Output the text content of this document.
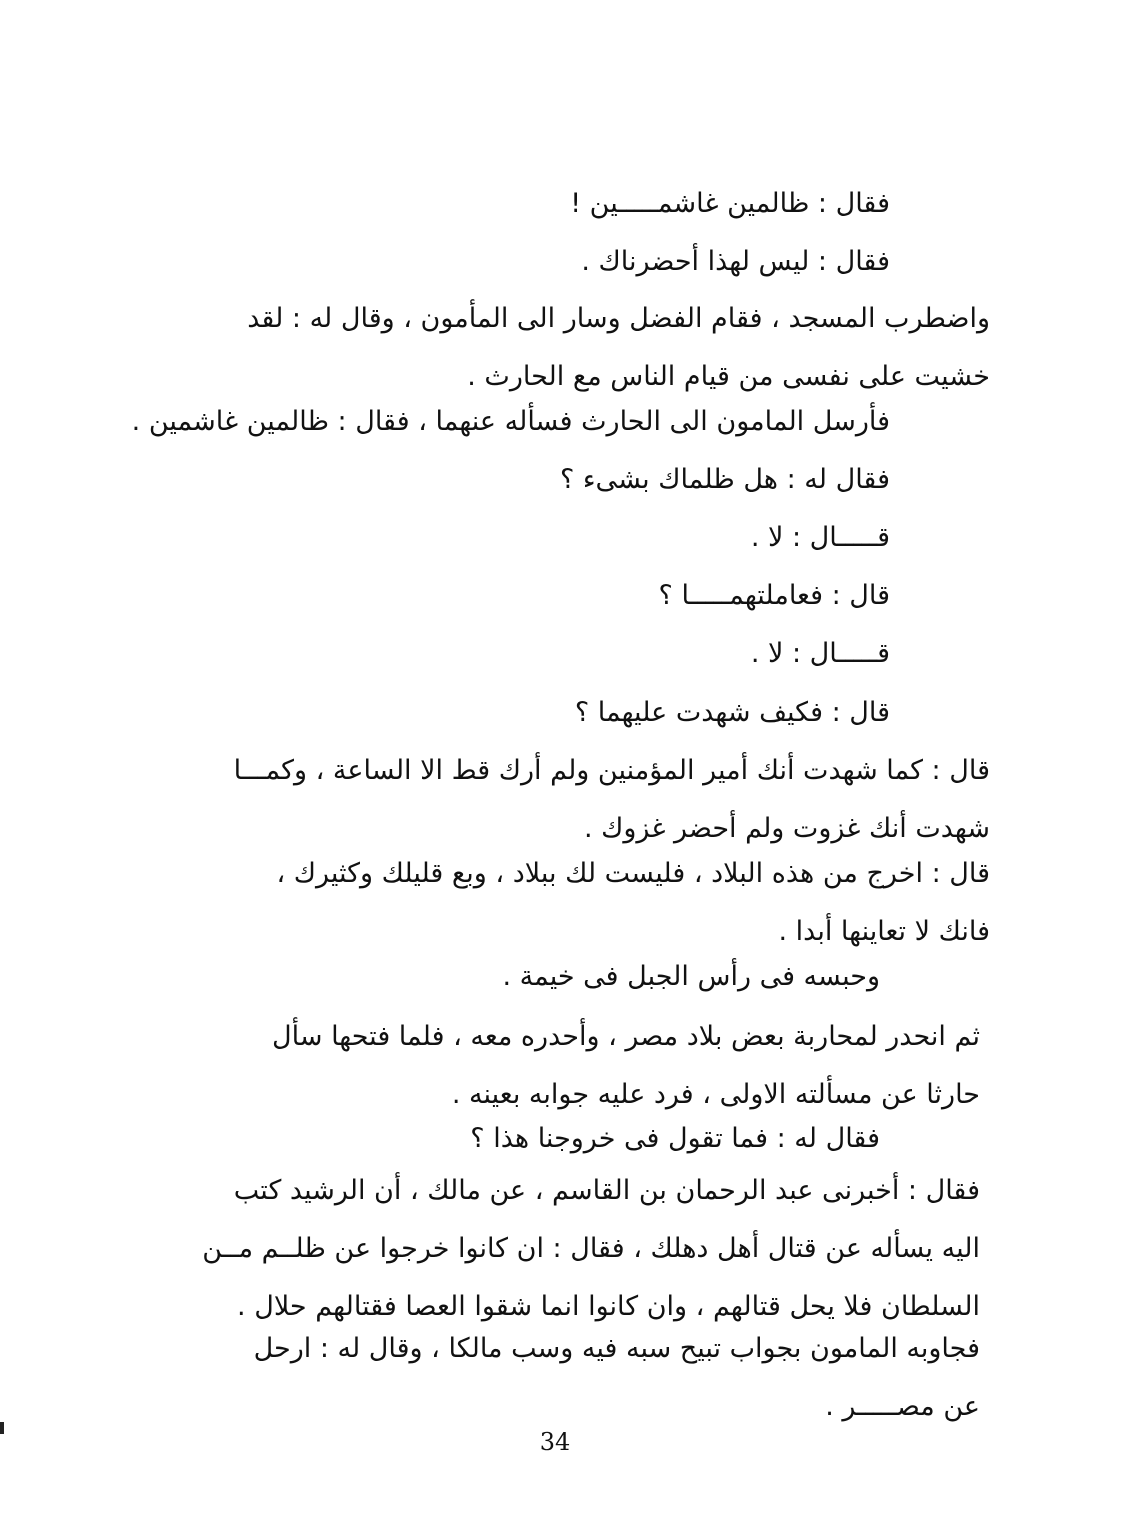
فقال : ظالمين غاشمـــــين !
فقال : ليس لهذا أحضرناك .
واضطرب المسجد ، فقام الفضل وسار الى المأمون ، وقال له : لقد
خشيت على نفسى من قيام الناس مع الحارث .
فأرسل المامون الى الحارث فسأله عنهما ، فقال : ظالمين غاشمين .
فقال له : هل ظلماك بشىء ؟
قـــــال : لا .
قال : فعاملتهمـــــا ؟
قـــــال : لا .
قال : فكيف شهدت عليهما ؟
قال : كما شهدت أنك أمير المؤمنين ولم أرك قط الا الساعة ، وكمـــا
شهدت أنك غزوت ولم أحضر غزوك .
قال : اخرج من هذه البلاد ، فليست لك ببلاد ، وبع قليلك وكثيرك ،
فانك لا تعاينها أبدا .
وحبسه فى رأس الجبل فى خيمة .
ثم انحدر لمحاربة بعض بلاد مصر ، وأحدره معه ، فلما فتحها سأل
حارثا عن مسألته الاولى ، فرد عليه جوابه بعينه .
فقال له : فما تقول فى خروجنا هذا ؟
فقال : أخبرنى عبد الرحمان بن القاسم ، عن مالك ، أن الرشيد كتب
اليه يسأله عن قتال أهل دهلك ، فقال : ان كانوا خرجوا عن ظلــم مــن
السلطان فلا يحل قتالهم ، وان كانوا انما شقوا العصا فقتالهم حلال .
فجاوبه المامون بجواب تبيح سبه فيه وسب مالكا ، وقال له : ارحل
عن مصـــــر .
34
